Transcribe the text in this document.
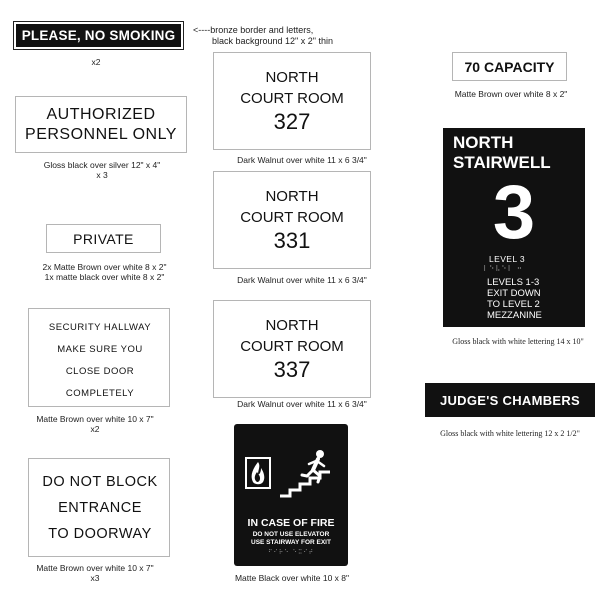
PLEASE, NO SMOKING
x2
<----bronze border and letters,
black background 12" x 2" thin
70 CAPACITY
Matte Brown over white 8 x 2"
AUTHORIZED
PERSONNEL ONLY
Gloss black over silver 12" x 4"
x 3
NORTH
COURT ROOM
327
Dark Walnut over white 11 x 6 3/4"
PRIVATE
2x Matte Brown over white 8 x 2"
1x matte black over white 8 x 2"
NORTH
COURT ROOM
331
Dark Walnut over white 11 x 6 3/4"
NORTH
STAIRWELL
3
LEVEL 3
⠇⠑⠧⠑⠇ ⠒
LEVELS 1-3
EXIT DOWN
TO LEVEL 2
MEZZANINE
Gloss black with white lettering 14 x 10"
SECURITY HALLWAY
MAKE SURE YOU
CLOSE DOOR
COMPLETELY
Matte Brown over white 10 x 7"
x2
NORTH
COURT ROOM
337
Dark Walnut over white 11 x 6 3/4"	JUDGE'S CHAMBERS
Gloss black with white lettering 12 x 2 1/2"
DO NOT BLOCK
ENTRANCE
TO DOORWAY
Matte Brown over white 10 x 7"
x3
IN CASE OF FIRE
DO NOT USE ELEVATOR
USE STAIRWAY FOR EXIT
⠋⠊⠗⠑ ⠑⠭⠊⠞
Matte Black over white 10 x 8"
